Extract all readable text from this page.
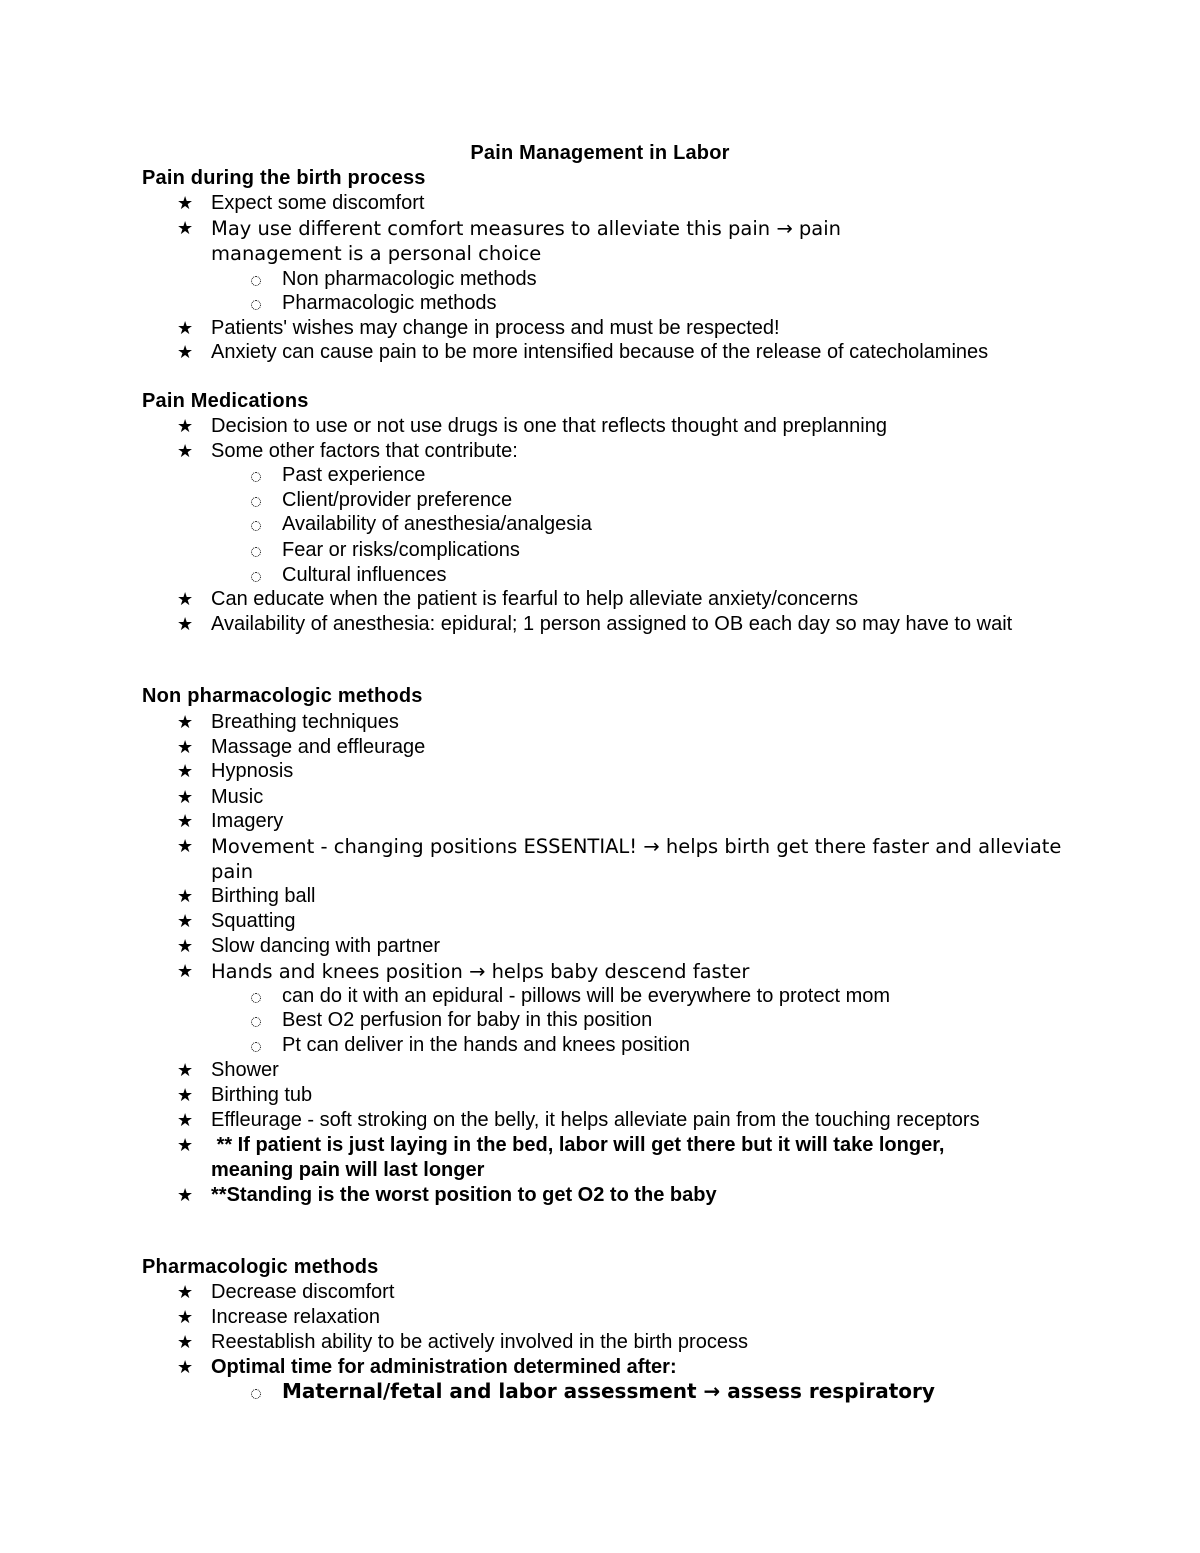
Pain Management in Labor
Pain during the birth process
★ Expect some discomfort
★ May use different comfort measures to alleviate this pain → pain management is a personal choice
Non pharmacologic methods
Pharmacologic methods
★ Patients' wishes may change in process and must be respected!
★ Anxiety can cause pain to be more intensified because of the release of catecholamines
Pain Medications
★ Decision to use or not use drugs is one that reflects thought and preplanning
★ Some other factors that contribute:
Past experience
Client/provider preference
Availability of anesthesia/analgesia
Fear or risks/complications
Cultural influences
★ Can educate when the patient is fearful to help alleviate anxiety/concerns
★ Availability of anesthesia: epidural; 1 person assigned to OB each day so may have to wait
Non pharmacologic methods
★ Breathing techniques
★ Massage and effleurage
★ Hypnosis
★ Music
★ Imagery
★ Movement - changing positions ESSENTIAL! → helps birth get there faster and alleviate pain
★ Birthing ball
★ Squatting
★ Slow dancing with partner
★ Hands and knees position → helps baby descend faster
can do it with an epidural - pillows will be everywhere to protect mom
Best O2 perfusion for baby in this position
Pt can deliver in the hands and knees position
★ Shower
★ Birthing tub
★ Effleurage - soft stroking on the belly, it helps alleviate pain from the touching receptors
★ ** If patient is just laying in the bed, labor will get there but it will take longer, meaning pain will last longer
★ **Standing is the worst position to get O2 to the baby
Pharmacologic methods
★ Decrease discomfort
★ Increase relaxation
★ Reestablish ability to be actively involved in the birth process
★ Optimal time for administration determined after:
Maternal/fetal and labor assessment → assess respiratory
